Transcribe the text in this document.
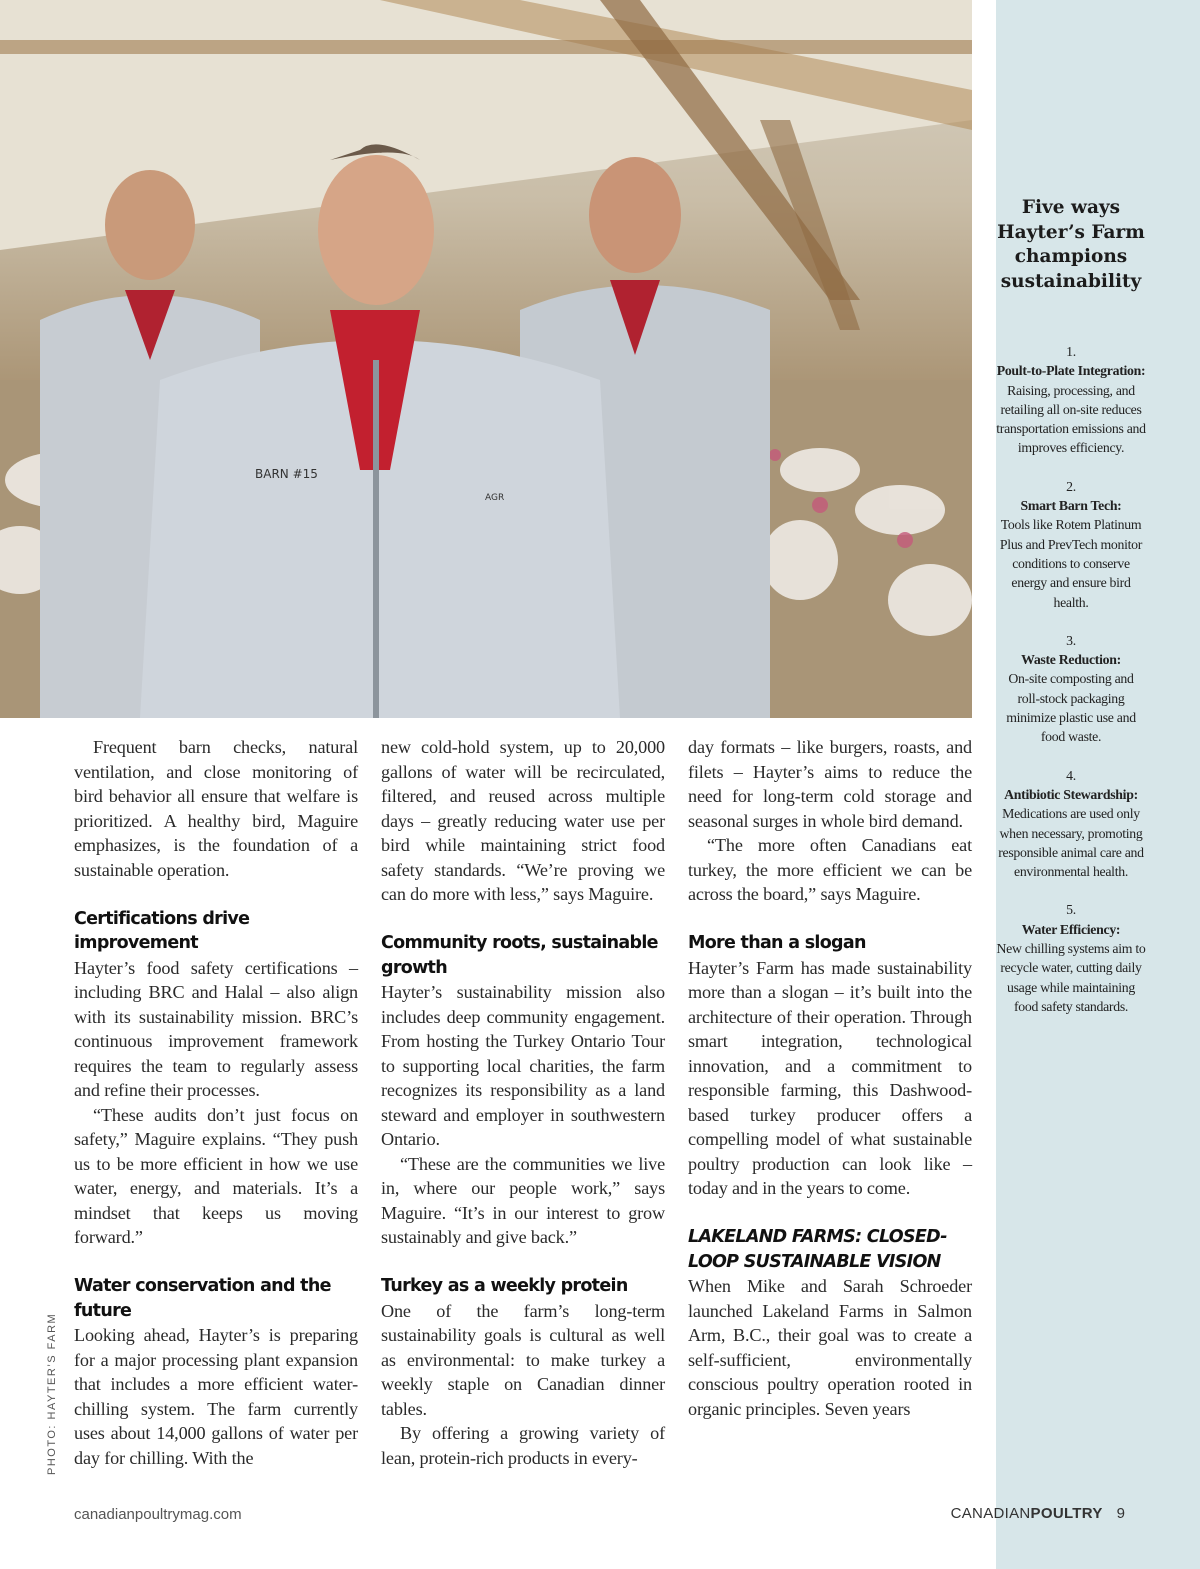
BARN #15
AGR
Five ways Hayter’s Farm champions sustainability
1.
Poult-to-Plate Integration:
Raising, processing, and retailing all on-site reduces transportation emissions and improves efficiency.
2.
Smart Barn Tech:
Tools like Rotem Platinum Plus and PrevTech monitor conditions to conserve energy and ensure bird health.
3.
Waste Reduction:
On-site composting and roll-stock packaging minimize plastic use and food waste.
4.
Antibiotic Stewardship:
Medications are used only when necessary, promoting responsible animal care and environmental health.
5.
Water Efficiency:
New chilling systems aim to recycle water, cutting daily usage while maintaining food safety standards.

Frequent barn checks, natural ventilation, and close monitoring of bird behavior all ensure that welfare is prioritized. A healthy bird, Maguire emphasizes, is the foundation of a sustainable operation.

Certifications drive improvement

Hayter’s food safety certifications – including BRC and Halal – also align with its sustainability mission. BRC’s continuous improvement framework requires the team to regularly assess and refine their processes.

“These audits don’t just focus on safety,” Maguire explains. “They push us to be more efficient in how we use water, energy, and materials. It’s a mindset that keeps us moving forward.”

Water conservation and the future

Looking ahead, Hayter’s is preparing for a major processing plant expansion that includes a more efficient water-chilling system. The farm currently uses about 14,000 gallons of water per day for chilling. With the

new cold-hold system, up to 20,000 gallons of water will be recirculated, filtered, and reused across multiple days – greatly reducing water use per bird while maintaining strict food safety standards. “We’re proving we can do more with less,” says Maguire.

Community roots, sustainable growth

Hayter’s sustainability mission also includes deep community engagement. From hosting the Turkey Ontario Tour to supporting local charities, the farm recognizes its responsibility as a land steward and employer in southwestern Ontario.

“These are the communities we live in, where our people work,” says Maguire. “It’s in our interest to grow sustainably and give back.”

Turkey as a weekly protein

One of the farm’s long-term sustainability goals is cultural as well as environmental: to make turkey a weekly staple on Canadian dinner tables.

By offering a growing variety of lean, protein-rich products in every-

day formats – like burgers, roasts, and filets – Hayter’s aims to reduce the need for long-term cold storage and seasonal surges in whole bird demand.

“The more often Canadians eat turkey, the more efficient we can be across the board,” says Maguire.

More than a slogan

Hayter’s Farm has made sustainability more than a slogan – it’s built into the architecture of their operation. Through smart integration, technological innovation, and a commitment to responsible farming, this Dashwood-based turkey producer offers a compelling model of what sustainable poultry production can look like – today and in the years to come.

LAKELAND FARMS: CLOSED-LOOP SUSTAINABLE VISION

When Mike and Sarah Schroeder launched Lakeland Farms in Salmon Arm, B.C., their goal was to create a self-sufficient, environmentally conscious poultry operation rooted in organic principles. Seven years

PHOTO: HAYTER’S FARM
canadianpoultrymag.com	CANADIANPOULTRY 9
